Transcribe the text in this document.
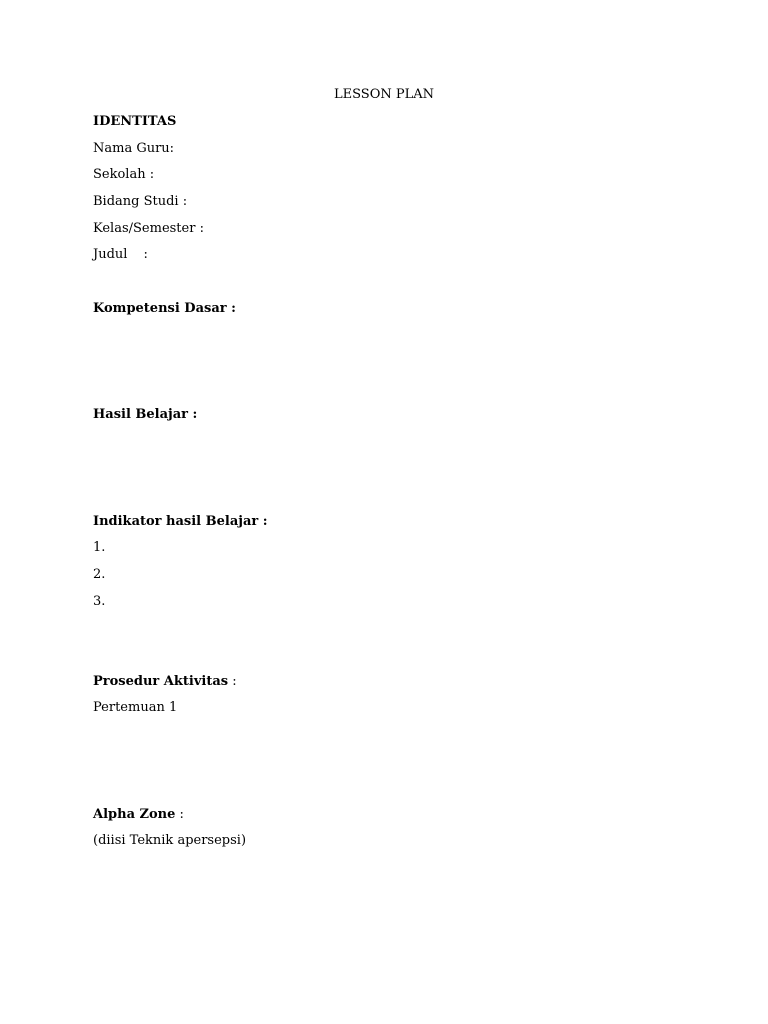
LESSON PLAN
IDENTITAS
Nama Guru:
Sekolah :
Bidang Studi :
Kelas/Semester :
Judul :
Kompetensi Dasar :
Hasil Belajar :
Indikator hasil Belajar :
1.
2.
3.
Prosedur Aktivitas :
Pertemuan 1
Alpha Zone :
(diisi Teknik apersepsi)
